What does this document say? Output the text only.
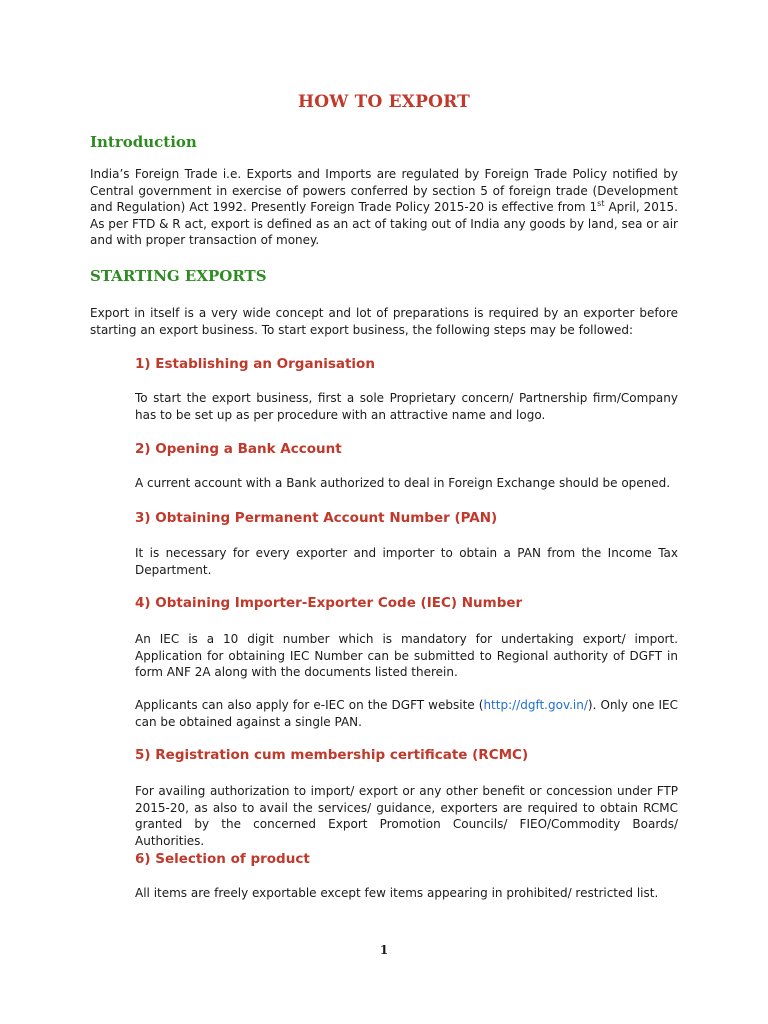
HOW TO EXPORT
Introduction
India’s Foreign Trade i.e. Exports and Imports are regulated by Foreign Trade Policy notified by Central government in exercise of powers conferred by section 5 of foreign trade (Development and Regulation) Act 1992. Presently Foreign Trade Policy 2015-20 is effective from 1st April, 2015. As per FTD & R act, export is defined as an act of taking out of India any goods by land, sea or air and with proper transaction of money.
STARTING EXPORTS
Export in itself is a very wide concept and lot of preparations is required by an exporter before starting an export business. To start export business, the following steps may be followed:
1) Establishing an Organisation
To start the export business, first a sole Proprietary concern/ Partnership firm/Company has to be set up as per procedure with an attractive name and logo.
2) Opening a Bank Account
A current account with a Bank authorized to deal in Foreign Exchange should be opened.
3) Obtaining Permanent Account Number (PAN)
It is necessary for every exporter and importer to obtain a PAN from the Income Tax Department.
4) Obtaining Importer-Exporter Code (IEC) Number
An IEC is a 10 digit number which is mandatory for undertaking export/ import. Application for obtaining IEC Number can be submitted to Regional authority of DGFT in form ANF 2A along with the documents listed therein.
Applicants can also apply for e-IEC on the DGFT website (http://dgft.gov.in/). Only one IEC can be obtained against a single PAN.
5) Registration cum membership certificate (RCMC)
For availing authorization to import/ export or any other benefit or concession under FTP 2015-20, as also to avail the services/ guidance, exporters are required to obtain RCMC granted by the concerned Export Promotion Councils/ FIEO/Commodity Boards/ Authorities.
6) Selection of product
All items are freely exportable except few items appearing in prohibited/ restricted list.
1
